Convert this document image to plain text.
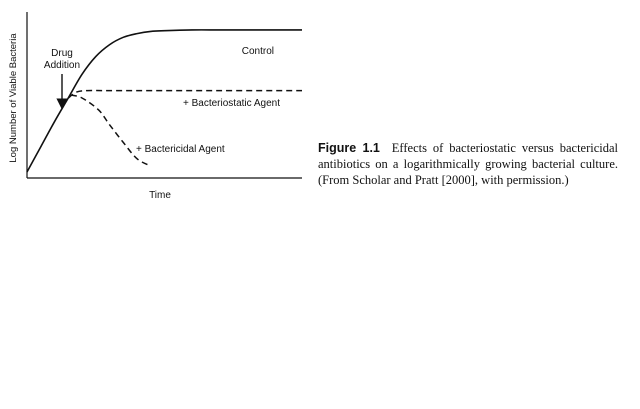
Log Number of Viable Bacteria
Time
Control
+ Bacteriostatic Agent
+ Bactericidal Agent
Drug
Addition
Figure 1.1 Effects of bacteriostatic versus bactericidal antibiotics on a logarithmically growing bacterial culture. (From Scholar and Pratt [2000], with permission.)
